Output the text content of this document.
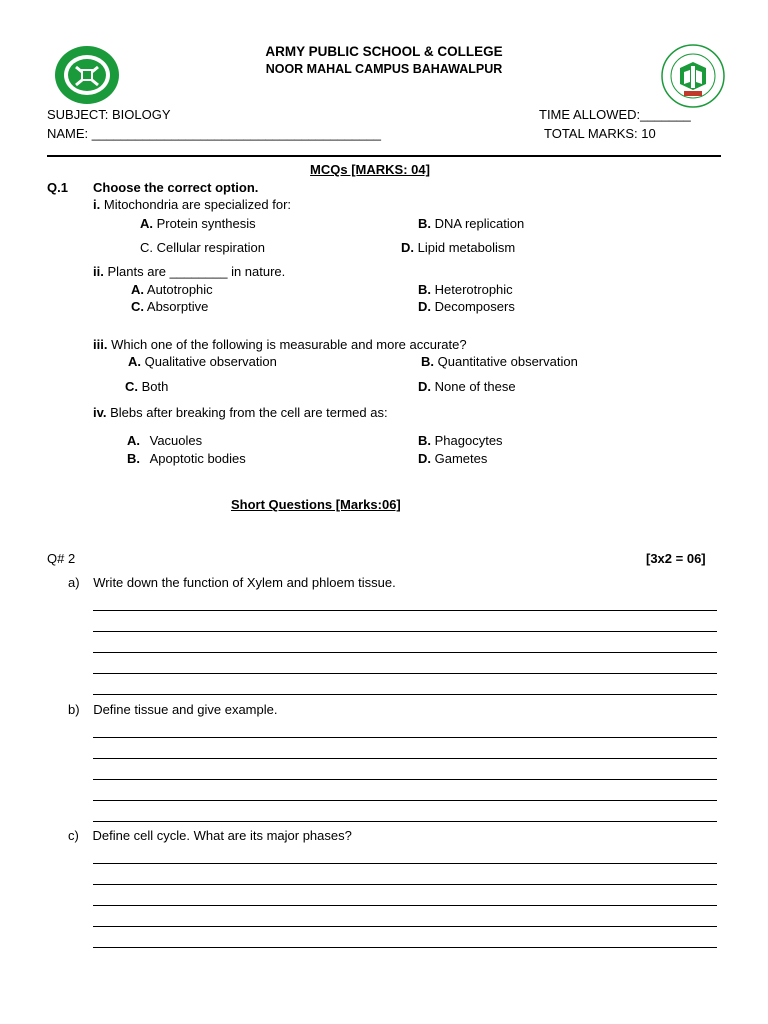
ARMY PUBLIC SCHOOL & COLLEGE
NOOR MAHAL CAMPUS BAHAWALPUR
SUBJECT: BIOLOGY	TIME ALLOWED:_______
NAME: ________________________________________	TOTAL MARKS: 10
MCQs [MARKS: 04]
Q.1 Choose the correct option.
i. Mitochondria are specialized for:
A. Protein synthesis	B. DNA replication
C. Cellular respiration	D. Lipid metabolism
ii. Plants are ________ in nature.
A. Autotrophic	B. Heterotrophic
C. Absorptive	D. Decomposers
iii. Which one of the following is measurable and more accurate?
A. Qualitative observation	B. Quantitative observation
C. Both	D. None of these
iv. Blebs after breaking from the cell are termed as:
A. Vacuoles	B. Phagocytes
B. Apoptotic bodies	D. Gametes
Short Questions [Marks:06]
Q# 2	[3x2 = 06]
a) Write down the function of Xylem and phloem tissue.
b) Define tissue and give example.
c) Define cell cycle. What are its major phases?
